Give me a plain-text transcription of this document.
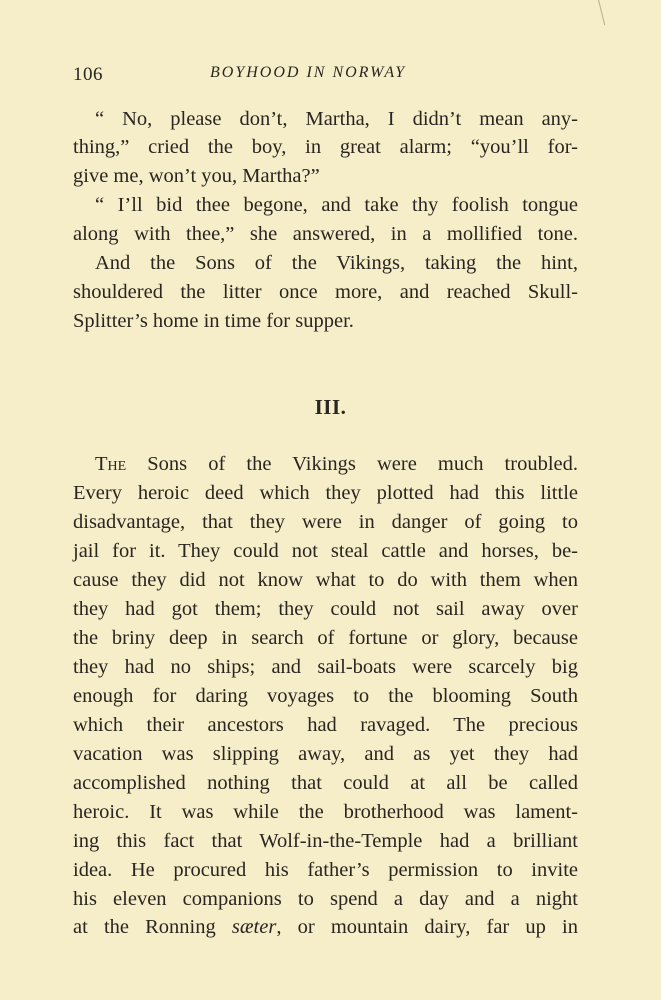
106	BOYHOOD IN NORWAY
“ No, please don’t, Martha, I didn’t mean any-
thing,” cried the boy, in great alarm; “you’ll for-
give me, won’t you, Martha?”
“ I’ll bid thee begone, and take thy foolish tongue
along with thee,” she answered, in a mollified tone.
And the Sons of the Vikings, taking the hint,
shouldered the litter once more, and reached Skull-
Splitter’s home in time for supper.
III.
The Sons of the Vikings were much troubled.
Every heroic deed which they plotted had this little
disadvantage, that they were in danger of going to
jail for it. They could not steal cattle and horses, be-
cause they did not know what to do with them when
they had got them; they could not sail away over
the briny deep in search of fortune or glory, because
they had no ships; and sail-boats were scarcely big
enough for daring voyages to the blooming South
which their ancestors had ravaged. The precious
vacation was slipping away, and as yet they had
accomplished nothing that could at all be called
heroic. It was while the brotherhood was lament-
ing this fact that Wolf-in-the-Temple had a brilliant
idea. He procured his father’s permission to invite
his eleven companions to spend a day and a night
at the Ronning sæter, or mountain dairy, far up in
